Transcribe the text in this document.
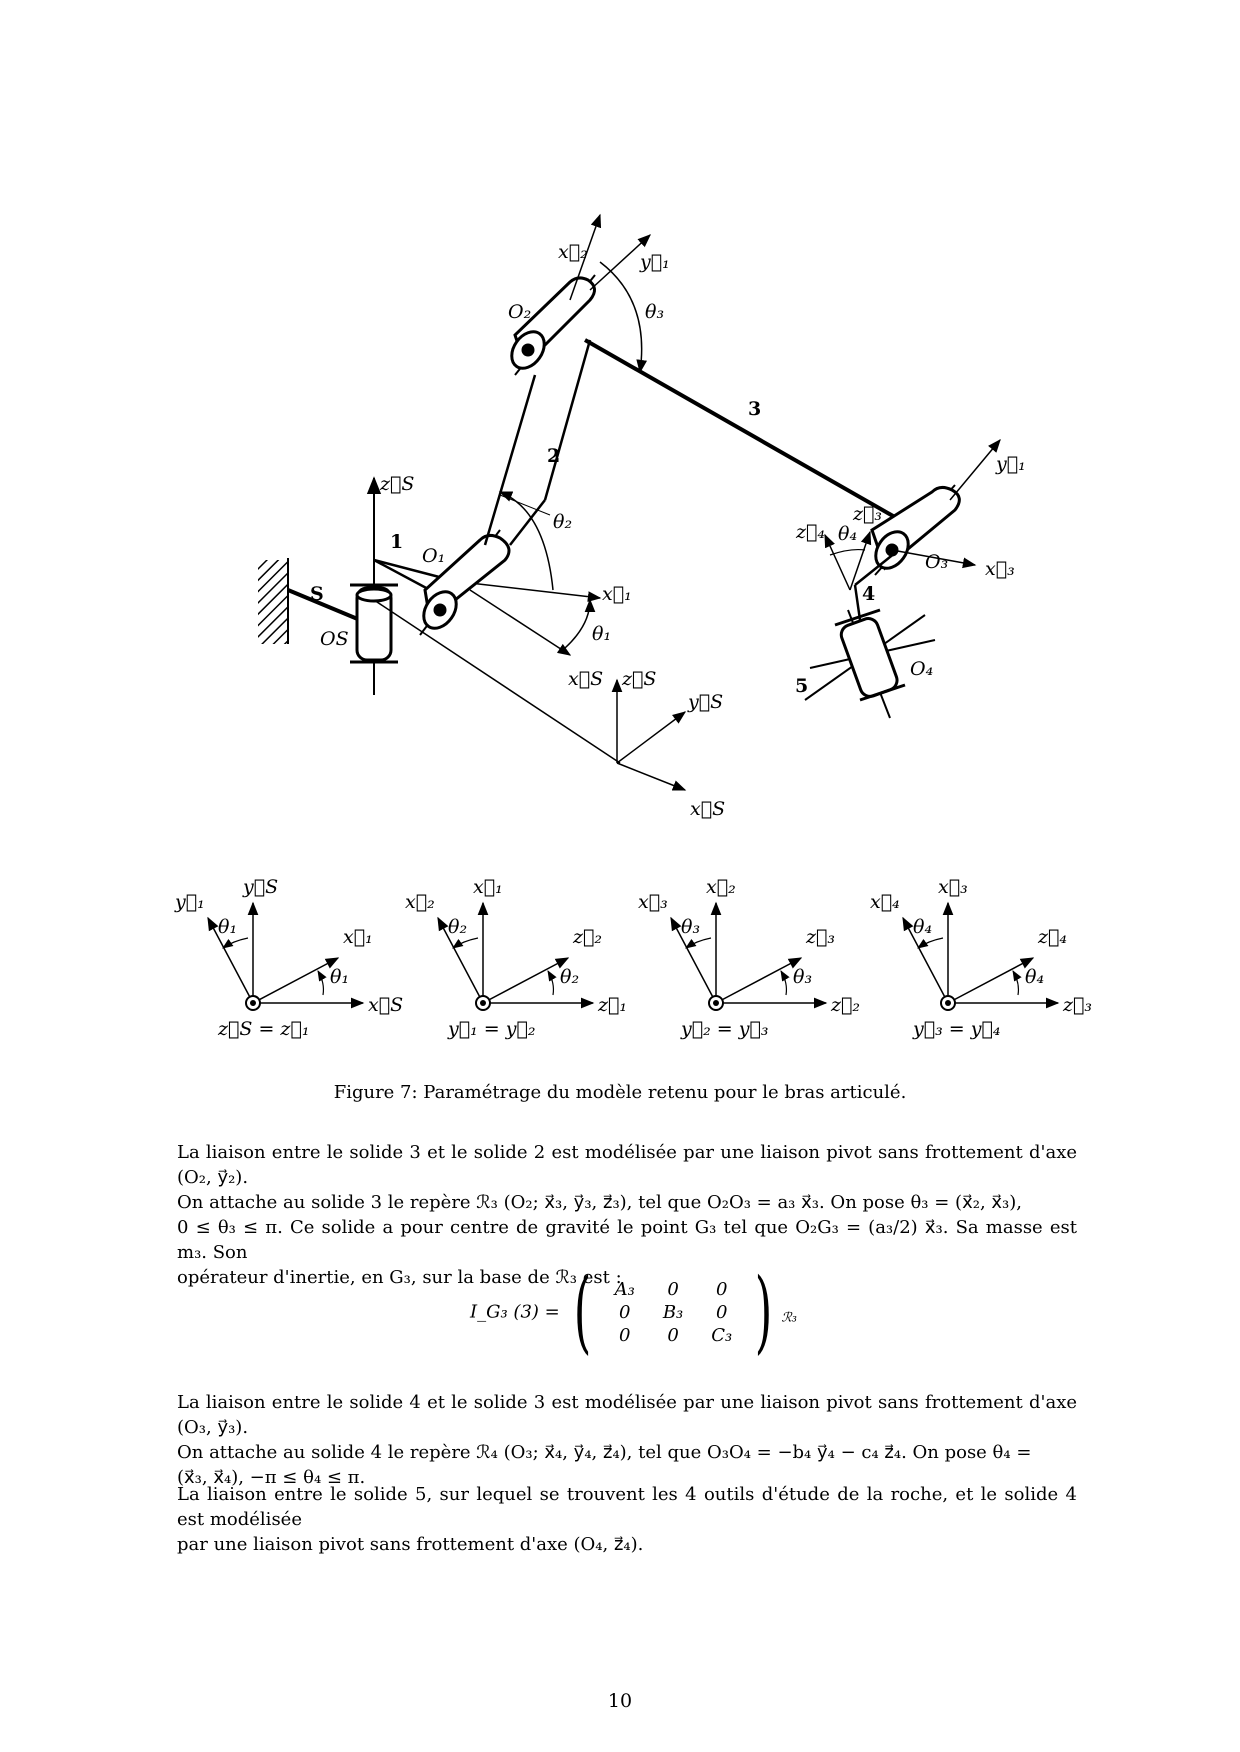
x⃗₂	y⃗₁
θ₃
O₂
3
2	y⃗₁
z⃗S
1
O₁
θ₂
x⃗₁
θ₁
S
OS
x⃗S z⃗S
y⃗S
x⃗S
z⃗₄ θ₄
z⃗₃
O₃ x⃗₃
4
O₄
5
y⃗₁
y⃗S
θ₁	x⃗₁
θ₁
x⃗S
z⃗S = z⃗₁
x⃗₂
x⃗₁
θ₂	z⃗₂
θ₂
z⃗₁
y⃗₁ = y⃗₂
x⃗₃
x⃗₂
θ₃	z⃗₃
θ₃
z⃗₂
y⃗₂ = y⃗₃
x⃗₄
x⃗₃
θ₄	z⃗₄
θ₄
z⃗₃
y⃗₃ = y⃗₄
Figure 7: Paramétrage du modèle retenu pour le bras articulé.

La liaison entre le solide 3 et le solide 2 est modélisée par une liaison pivot sans frottement d'axe (O₂, y⃗₂).
On attache au solide 3 le repère ℛ₃ (O₂; x⃗₃, y⃗₃, z⃗₃), tel que O₂O₃ = a₃ x⃗₃. On pose θ₃ = (x⃗₂, x⃗₃),
0 ≤ θ₃ ≤ π. Ce solide a pour centre de gravité le point G₃ tel que O₂G₃ = (a₃/2) x⃗₃. Sa masse est m₃. Son
opérateur d'inertie, en G₃, sur la base de ℛ₃ est :

I_G₃ (3) = ( A₃	0	0
0	B₃	0
0	0	C₃ ) $_{ℛ_3}$

La liaison entre le solide 4 et le solide 3 est modélisée par une liaison pivot sans frottement d'axe (O₃, y⃗₃).
On attache au solide 4 le repère ℛ₄ (O₃; x⃗₄, y⃗₄, z⃗₄), tel que O₃O₄ = −b₄ y⃗₄ − c₄ z⃗₄. On pose θ₄ =
(x⃗₃, x⃗₄), −π ≤ θ₄ ≤ π.

La liaison entre le solide 5, sur lequel se trouvent les 4 outils d'étude de la roche, et le solide 4 est modélisée
par une liaison pivot sans frottement d'axe (O₄, z⃗₄).

10
